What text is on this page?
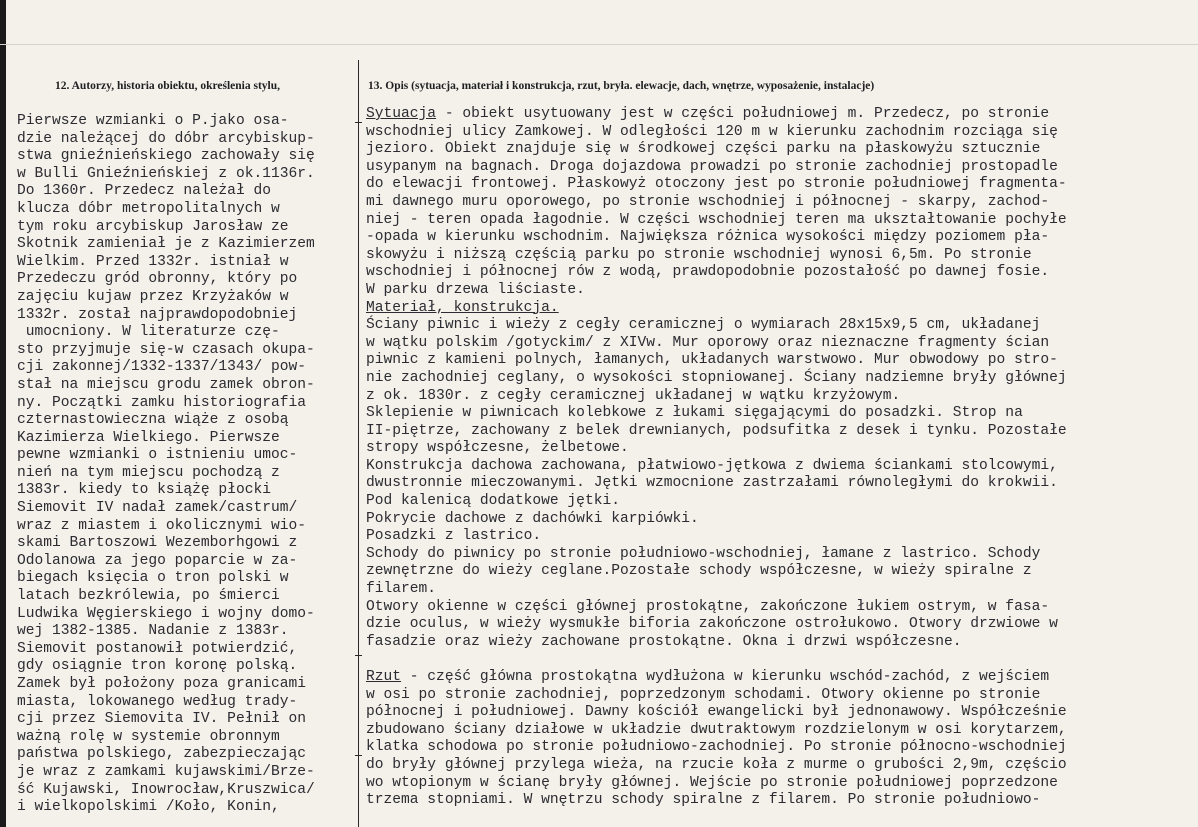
12. Autorzy, historia obiektu, określenia stylu,	13. Opis (sytuacja, materiał i konstrukcja, rzut, bryła. elewacje, dach, wnętrze, wyposażenie, instalacje)
Pierwsze wzmianki o P.jako osa-
dzie należącej do dóbr arcybiskup-
stwa gnieźnieńskiego zachowały się
w Bulli Gnieźnieńskiej z ok.1136r.
Do 1360r. Przedecz należał do
klucza dóbr metropolitalnych w
tym roku arcybiskup Jarosław ze
Skotnik zamieniał je z Kazimierzem
Wielkim. Przed 1332r. istniał w
Przedeczu gród obronny, który po
zajęciu kujaw przez Krzyżaków w
1332r. został najprawdopodobniej
umocniony. W literaturze czę-
sto przyjmuje się-w czasach okupa-
cji zakonnej/1332-1337/1343/ pow-
stał na miejscu grodu zamek obron-
ny. Początki zamku historiografia
czternastowieczna wiąże z osobą
Kazimierza Wielkiego. Pierwsze
pewne wzmianki o istnieniu umoc-
nień na tym miejscu pochodzą z
1383r. kiedy to książę płocki
Siemovit IV nadał zamek/castrum/
wraz z miastem i okolicznymi wio-
skami Bartoszowi Wezemborhgowi z
Odolanowa za jego poparcie w za-
biegach księcia o tron polski w
latach bezkrólewia, po śmierci
Ludwika Węgierskiego i wojny domo-
wej 1382-1385. Nadanie z 1383r.
Siemovit postanowił potwierdzić,
gdy osiągnie tron koronę polską.
Zamek był położony poza granicami
miasta, lokowanego według trady-
cji przez Siemovita IV. Pełnił on
ważną rolę w systemie obronnym
państwa polskiego, zabezpieczając
je wraz z zamkami kujawskimi/Brze-
ść Kujawski, Inowrocław,Kruszwica/
i wielkopolskimi /Koło, Konin,
Sytuacja - obiekt usytuowany jest w części południowej m. Przedecz, po stronie
wschodniej ulicy Zamkowej. W odległości 120 m w kierunku zachodnim rozciąga się
jezioro. Obiekt znajduje się w środkowej części parku na płaskowyżu sztucznie
usypanym na bagnach. Droga dojazdowa prowadzi po stronie zachodniej prostopadle
do elewacji frontowej. Płaskowyż otoczony jest po stronie południowej fragmenta-
mi dawnego muru oporowego, po stronie wschodniej i północnej - skarpy, zachod-
niej - teren opada łagodnie. W części wschodniej teren ma ukształtowanie pochyłe
-opada w kierunku wschodnim. Największa różnica wysokości między poziomem pła-
skowyżu i niższą częścią parku po stronie wschodniej wynosi 6,5m. Po stronie
wschodniej i północnej rów z wodą, prawdopodobnie pozostałość po dawnej fosie.
W parku drzewa liściaste.
Materiał, konstrukcja.
Ściany piwnic i wieży z cegły ceramicznej o wymiarach 28x15x9,5 cm, układanej
w wątku polskim /gotyckim/ z XIVw. Mur oporowy oraz nieznaczne fragmenty ścian
piwnic z kamieni polnych, łamanych, układanych warstwowo. Mur obwodowy po stro-
nie zachodniej ceglany, o wysokości stopniowanej. Ściany nadziemne bryły głównej
z ok. 1830r. z cegły ceramicznej układanej w wątku krzyżowym.
Sklepienie w piwnicach kolebkowe z łukami sięgającymi do posadzki. Strop na
II-piętrze, zachowany z belek drewnianych, podsufitka z desek i tynku. Pozostałe
stropy współczesne, żelbetowe.
Konstrukcja dachowa zachowana, płatwiowo-jętkowa z dwiema ściankami stolcowymi,
dwustronnie mieczowanymi. Jętki wzmocnione zastrzałami równoległymi do krokwii.
Pod kalenicą dodatkowe jętki.
Pokrycie dachowe z dachówki karpiówki.
Posadzki z lastrico.
Schody do piwnicy po stronie południowo-wschodniej, łamane z lastrico. Schody
zewnętrzne do wieży ceglane.Pozostałe schody współczesne, w wieży spiralne z
filarem.
Otwory okienne w części głównej prostokątne, zakończone łukiem ostrym, w fasa-
dzie oculus, w wieży wysmukłe biforia zakończone ostrołukowo. Otwory drzwiowe w
fasadzie oraz wieży zachowane prostokątne. Okna i drzwi współczesne.
Rzut - część główna prostokątna wydłużona w kierunku wschód-zachód, z wejściem
w osi po stronie zachodniej, poprzedzonym schodami. Otwory okienne po stronie
północnej i południowej. Dawny kościół ewangelicki był jednonawowy. Współcześnie
zbudowano ściany działowe w układzie dwutraktowym rozdzielonym w osi korytarzem,
klatka schodowa po stronie południowo-zachodniej. Po stronie północno-wschodniej
do bryły głównej przylega wieża, na rzucie koła z murme o grubości 2,9m, częścio
wo wtopionym w ścianę bryły głównej. Wejście po stronie południowej poprzedzone
trzema stopniami. W wnętrzu schody spiralne z filarem. Po stronie południowo-
